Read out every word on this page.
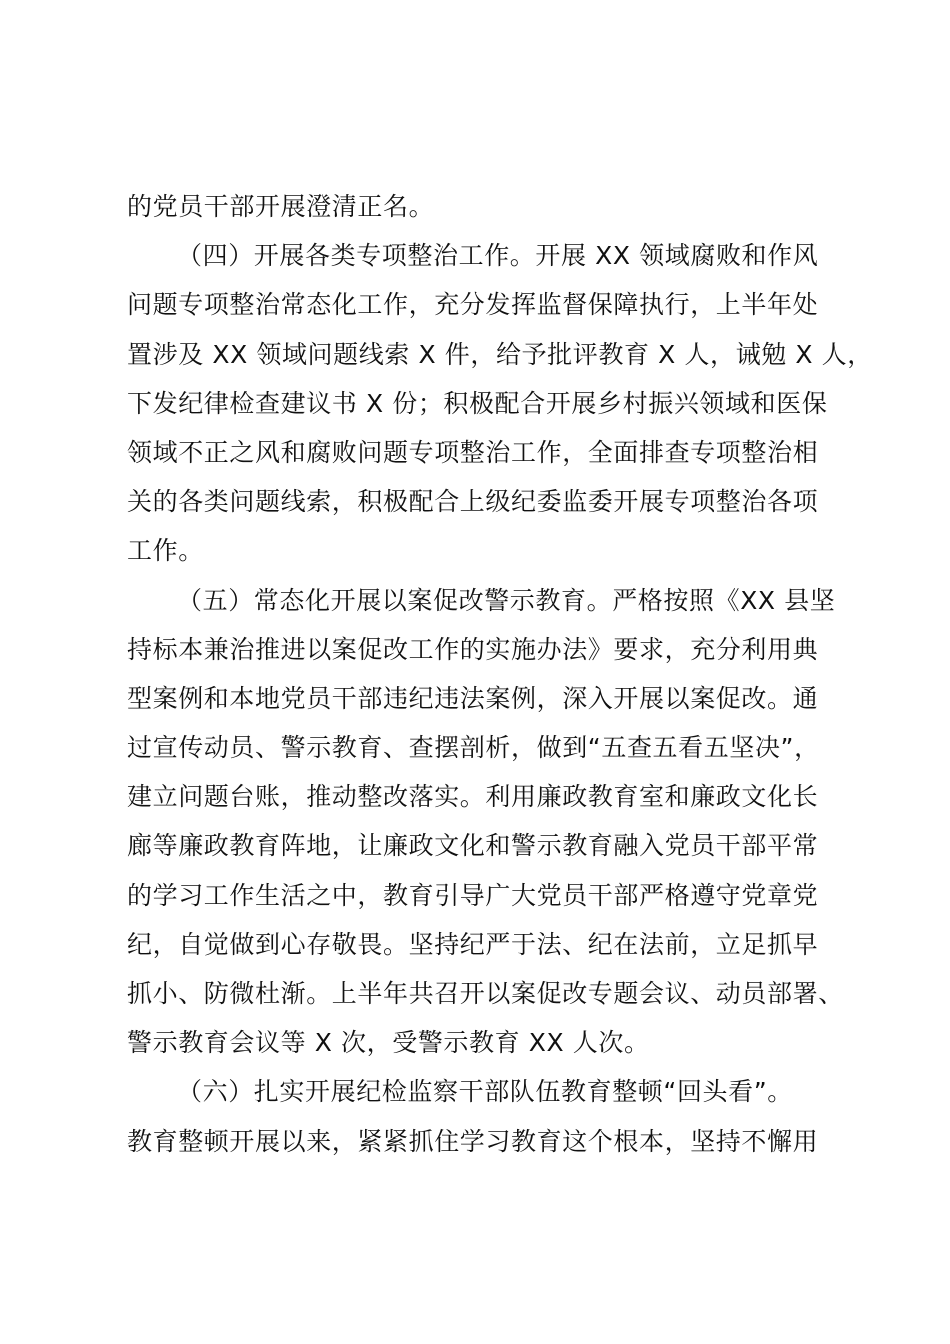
的党员干部开展澄清正名。
（四）开展各类专项整治工作。开展 XX 领域腐败和作风
问题专项整治常态化工作，充分发挥监督保障执行，上半年处
置涉及 XX 领域问题线索 X 件，给予批评教育 X 人，诫勉 X 人，
下发纪律检查建议书 X 份；积极配合开展乡村振兴领域和医保
领域不正之风和腐败问题专项整治工作，全面排查专项整治相
关的各类问题线索，积极配合上级纪委监委开展专项整治各项
工作。
（五）常态化开展以案促改警示教育。严格按照《XX 县坚
持标本兼治推进以案促改工作的实施办法》要求，充分利用典
型案例和本地党员干部违纪违法案例，深入开展以案促改。通
过宣传动员、警示教育、查摆剖析，做到“五查五看五坚决”，
建立问题台账，推动整改落实。利用廉政教育室和廉政文化长
廊等廉政教育阵地，让廉政文化和警示教育融入党员干部平常
的学习工作生活之中，教育引导广大党员干部严格遵守党章党
纪，自觉做到心存敬畏。坚持纪严于法、纪在法前，立足抓早
抓小、防微杜渐。上半年共召开以案促改专题会议、动员部署、
警示教育会议等 X 次，受警示教育 XX 人次。
（六）扎实开展纪检监察干部队伍教育整顿“回头看”。
教育整顿开展以来，紧紧抓住学习教育这个根本，坚持不懈用
